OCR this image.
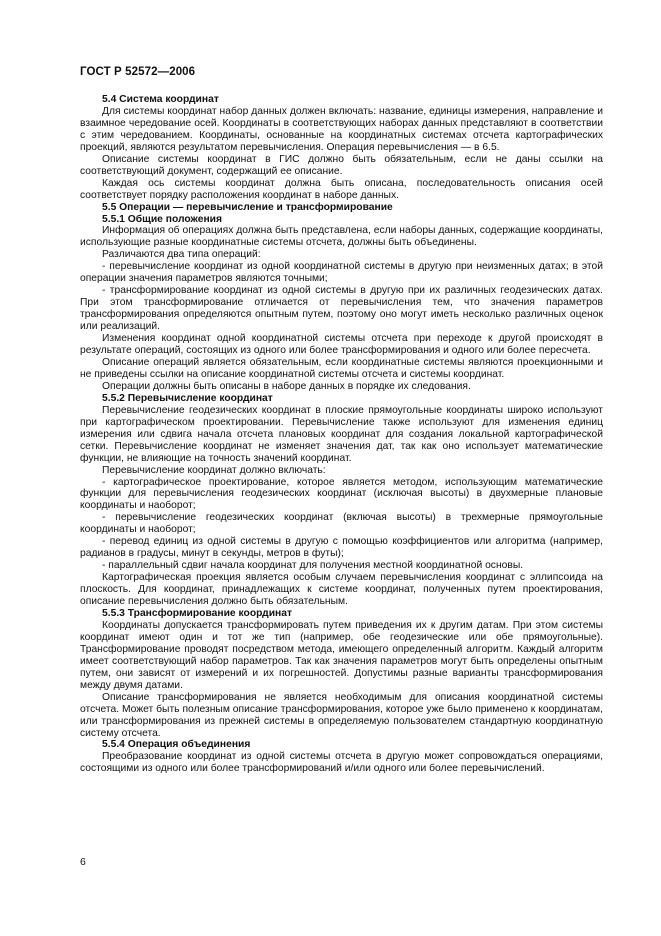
ГОСТ Р 52572—2006
5.4 Система координат

Для системы координат набор данных должен включать: название, единицы измерения, направление и взаимное чередование осей. Координаты в соответствующих наборах данных представляют в соответствии с этим чередованием. Координаты, основанные на координатных системах отсчета картографических проекций, являются результатом перевычисления. Операция перевычисления — в 6.5.

Описание системы координат в ГИС должно быть обязательным, если не даны ссылки на соответствующий документ, содержащий ее описание.

Каждая ось системы координат должна быть описана, последовательность описания осей соответствует порядку расположения координат в наборе данных.

5.5 Операции — перевычисление и трансформирование
5.5.1 Общие положения

Информация об операциях должна быть представлена, если наборы данных, содержащие координаты, использующие разные координатные системы отсчета, должны быть объединены.

Различаются два типа операций:

- перевычисление координат из одной координатной системы в другую при неизменных датах; в этой операции значения параметров являются точными;

- трансформирование координат из одной системы в другую при их различных геодезических датах. При этом трансформирование отличается от перевычисления тем, что значения параметров трансформирования определяются опытным путем, поэтому оно могут иметь несколько различных оценок или реализаций.

Изменения координат одной координатной системы отсчета при переходе к другой происходят в результате операций, состоящих из одного или более трансформирования и одного или более пересчета.

Описание операций является обязательным, если координатные системы являются проекционными и не приведены ссылки на описание координатной системы отсчета и системы координат.

Операции должны быть описаны в наборе данных в порядке их следования.

5.5.2 Перевычисление координат

Перевычисление геодезических координат в плоские прямоугольные координаты широко используют при картографическом проектировании. Перевычисление также используют для изменения единиц измерения или сдвига начала отсчета плановых координат для создания локальной картографической сетки. Перевычисление координат не изменяет значения дат, так как оно использует математические функции, не влияющие на точность значений координат.

Перевычисление координат должно включать:

- картографическое проектирование, которое является методом, использующим математические функции для перевычисления геодезических координат (исключая высоты) в двухмерные плановые координаты и наоборот;

- перевычисление геодезических координат (включая высоты) в трехмерные прямоугольные координаты и наоборот;

- перевод единиц из одной системы в другую с помощью коэффициентов или алгоритма (например, радианов в градусы, минут в секунды, метров в футы);

- параллельный сдвиг начала координат для получения местной координатной основы.

Картографическая проекция является особым случаем перевычисления координат с эллипсоида на плоскость. Для координат, принадлежащих к системе координат, полученных путем проектирования, описание перевычисления должно быть обязательным.

5.5.3 Трансформирование координат

Координаты допускается трансформировать путем приведения их к другим датам. При этом системы координат имеют один и тот же тип (например, обе геодезические или обе прямоугольные). Трансформирование проводят посредством метода, имеющего определенный алгоритм. Каждый алгоритм имеет соответствующий набор параметров. Так как значения параметров могут быть определены опытным путем, они зависят от измерений и их погрешностей. Допустимы разные варианты трансформирования между двумя датами.

Описание трансформирования не является необходимым для описания координатной системы отсчета. Может быть полезным описание трансформирования, которое уже было применено к координатам, или трансформирования из прежней системы в определяемую пользователем стандартную координатную систему отсчета.

5.5.4 Операция объединения

Преобразование координат из одной системы отсчета в другую может сопровождаться операциями, состоящими из одного или более трансформирований и/или одного или более перевычислений.

6
